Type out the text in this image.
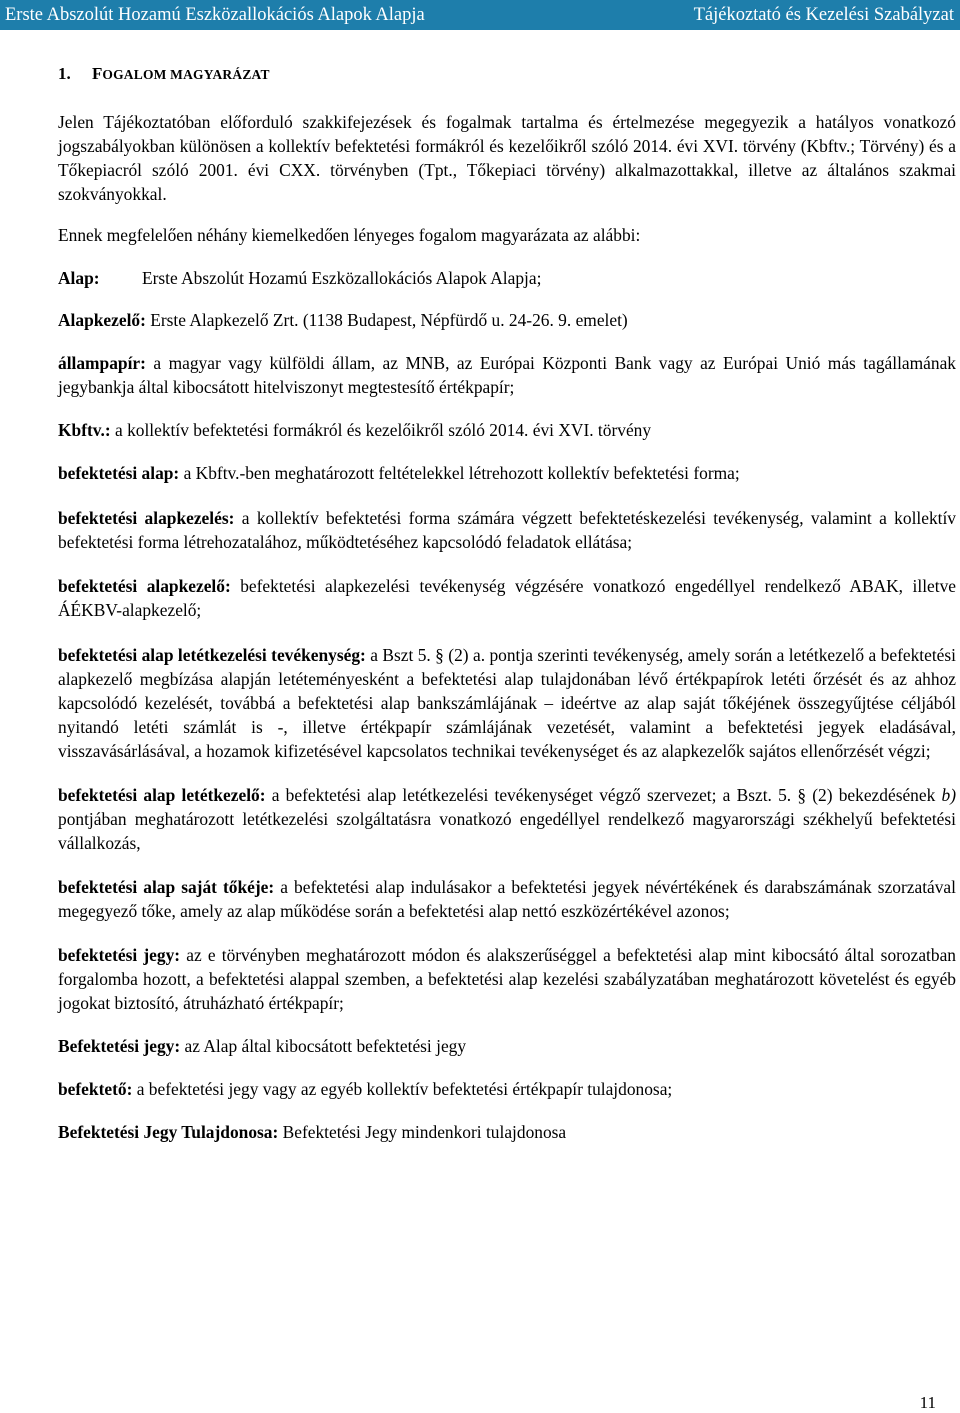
Erste Abszolút Hozamú Eszközallokációs Alapok Alapja	Tájékoztató és Kezelési Szabályzat
1. FOGALOM MAGYARÁZAT

Jelen Tájékoztatóban előforduló szakkifejezések és fogalmak tartalma és értelmezése megegyezik a hatályos vonatkozó jogszabályokban különösen a kollektív befektetési formákról és kezelőikről szóló 2014. évi XVI. törvény (Kbftv.; Törvény) és a Tőkepiacról szóló 2001. évi CXX. törvényben (Tpt., Tőkepiaci törvény) alkalmazottakkal, illetve az általános szakmai szokványokkal.

Ennek megfelelően néhány kiemelkedően lényeges fogalom magyarázata az alábbi:

Alap: Erste Abszolút Hozamú Eszközallokációs Alapok Alapja;

Alapkezelő: Erste Alapkezelő Zrt. (1138 Budapest, Népfürdő u. 24-26. 9. emelet)

állampapír: a magyar vagy külföldi állam, az MNB, az Európai Központi Bank vagy az Európai Unió más tagállamának jegybankja által kibocsátott hitelviszonyt megtestesítő értékpapír;

Kbftv.: a kollektív befektetési formákról és kezelőikről szóló 2014. évi XVI. törvény

befektetési alap: a Kbftv.-ben meghatározott feltételekkel létrehozott kollektív befektetési forma;

befektetési alapkezelés: a kollektív befektetési forma számára végzett befektetéskezelési tevékenység, valamint a kollektív befektetési forma létrehozatalához, működtetéséhez kapcsolódó feladatok ellátása;

befektetési alapkezelő: befektetési alapkezelési tevékenység végzésére vonatkozó engedéllyel rendelkező ABAK, illetve ÁÉKBV-alapkezelő;

befektetési alap letétkezelési tevékenység: a Bszt 5. § (2) a. pontja szerinti tevékenység, amely során a letétkezelő a befektetési alapkezelő megbízása alapján letéteményesként a befektetési alap tulajdonában lévő értékpapírok letéti őrzését és az ahhoz kapcsolódó kezelését, továbbá a befektetési alap bankszámlájának – ideértve az alap saját tőkéjének összegyűjtése céljából nyitandó letéti számlát is -, illetve értékpapír számlájának vezetését, valamint a befektetési jegyek eladásával, visszavásárlásával, a hozamok kifizetésével kapcsolatos technikai tevékenységet és az alapkezelők sajátos ellenőrzését végzi;

befektetési alap letétkezelő: a befektetési alap letétkezelési tevékenységet végző szervezet; a Bszt. 5. § (2) bekezdésének b) pontjában meghatározott letétkezelési szolgáltatásra vonatkozó engedéllyel rendelkező magyarországi székhelyű befektetési vállalkozás,

befektetési alap saját tőkéje: a befektetési alap indulásakor a befektetési jegyek névértékének és darabszámának szorzatával megegyező tőke, amely az alap működése során a befektetési alap nettó eszközértékével azonos;

befektetési jegy: az e törvényben meghatározott módon és alakszerűséggel a befektetési alap mint kibocsátó által sorozatban forgalomba hozott, a befektetési alappal szemben, a befektetési alap kezelési szabályzatában meghatározott követelést és egyéb jogokat biztosító, átruházható értékpapír;

Befektetési jegy: az Alap által kibocsátott befektetési jegy

befektető: a befektetési jegy vagy az egyéb kollektív befektetési értékpapír tulajdonosa;

Befektetési Jegy Tulajdonosa: Befektetési Jegy mindenkori tulajdonosa

11
